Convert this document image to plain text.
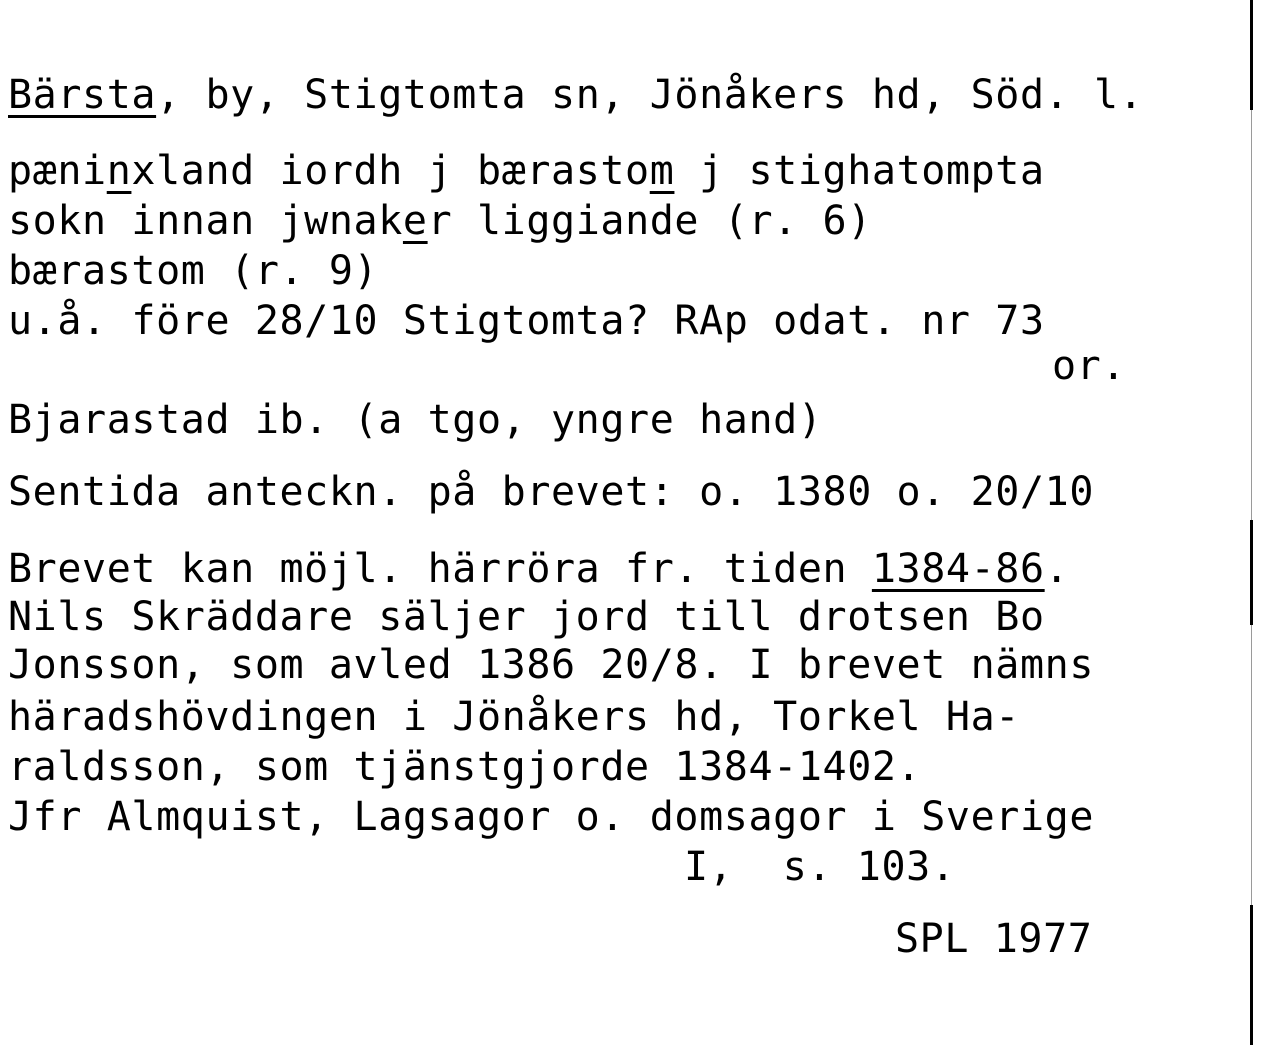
Bärsta, by, Stigtomta sn, Jönåkers hd, Söd. l.
pæninxland iordh j bærastom j stighatompta
sokn innan jwnaker liggiande (r. 6)
bærastom (r. 9)
u.å. före 28/10 Stigtomta? RAp odat. nr 73
or.
Bjarastad ib. (a tgo, yngre hand)
Sentida anteckn. på brevet: o. 1380 o. 20/10
Brevet kan möjl. härröra fr. tiden 1384-86.
Nils Skräddare säljer jord till drotsen Bo
Jonsson, som avled 1386 20/8. I brevet nämns
häradshövdingen i Jönåkers hd, Torkel Ha-
raldsson, som tjänstgjorde 1384-1402.
Jfr Almquist, Lagsagor o. domsagor i Sverige
I,  s. 103.
SPL 1977
